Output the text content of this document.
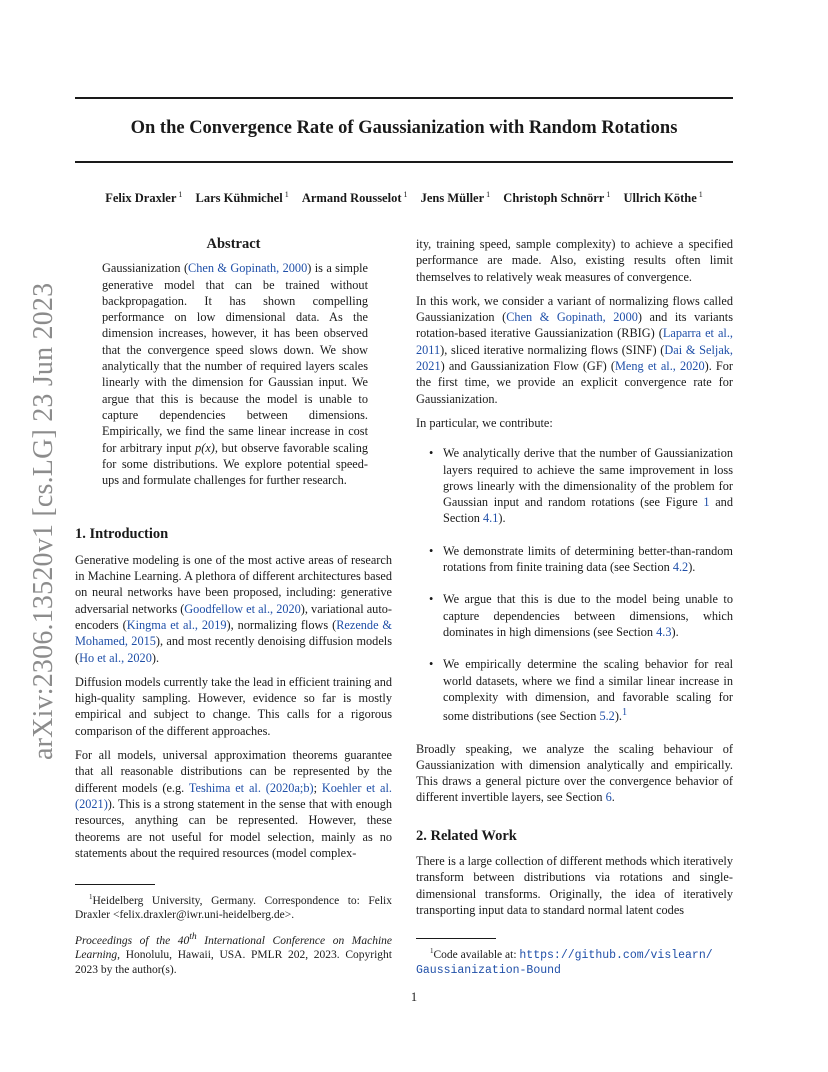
On the Convergence Rate of Gaussianization with Random Rotations
Felix Draxler $^1$ Lars Kühmichel $^1$ Armand Rousselot $^1$ Jens Müller $^1$ Christoph Schnörr $^1$ Ullrich Köthe $^1$
arXiv:2306.13520v1 [cs.LG] 23 Jun 2023
Abstract
Gaussianization (Chen & Gopinath, 2000) is a simple generative model that can be trained without backpropagation. It has shown compelling performance on low dimensional data. As the dimension increases, however, it has been observed that the convergence speed slows down. We show analytically that the number of required layers scales linearly with the dimension for Gaussian input. We argue that this is because the model is unable to capture dependencies between dimensions. Empirically, we find the same linear increase in cost for arbitrary input p(x), but observe favorable scaling for some distributions. We explore potential speed-ups and formulate challenges for further research.
1. Introduction

Generative modeling is one of the most active areas of research in Machine Learning. A plethora of different architectures based on neural networks have been proposed, including: generative adversarial networks (Goodfellow et al., 2020), variational auto-encoders (Kingma et al., 2019), normalizing flows (Rezende & Mohamed, 2015), and most recently denoising diffusion models (Ho et al., 2020).

Diffusion models currently take the lead in efficient training and high-quality sampling. However, evidence so far is mostly empirical and subject to change. This calls for a rigorous comparison of the different approaches.

For all models, universal approximation theorems guarantee that all reasonable distributions can be represented by the different models (e.g. Teshima et al. (2020a;b); Koehler et al. (2021)). This is a strong statement in the sense that with enough resources, anything can be represented. However, these theorems are not useful for model selection, mainly as no statements about the required resources (model complex-

$^1$Heidelberg University, Germany. Correspondence to: Felix Draxler <felix.draxler@iwr.uni-heidelberg.de>.
Proceedings of the 40th International Conference on Machine Learning, Honolulu, Hawaii, USA. PMLR 202, 2023. Copyright 2023 by the author(s).

ity, training speed, sample complexity) to achieve a specified performance are made. Also, existing results often limit themselves to relatively weak measures of convergence.

In this work, we consider a variant of normalizing flows called Gaussianization (Chen & Gopinath, 2000) and its variants rotation-based iterative Gaussianization (RBIG) (Laparra et al., 2011), sliced iterative normalizing flows (SINF) (Dai & Seljak, 2021) and Gaussianization Flow (GF) (Meng et al., 2020). For the first time, we provide an explicit convergence rate for Gaussianization.

In particular, we contribute:

• We analytically derive that the number of Gaussianization layers required to achieve the same improvement in loss grows linearly with the dimensionality of the problem for Gaussian input and random rotations (see Figure 1 and Section 4.1).
• We demonstrate limits of determining better-than-random rotations from finite training data (see Section 4.2).
• We argue that this is due to the model being unable to capture dependencies between dimensions, which dominates in high dimensions (see Section 4.3).
• We empirically determine the scaling behavior for real world datasets, where we find a similar linear increase in complexity with dimension, and favorable scaling for some distributions (see Section 5.2).$^1$

Broadly speaking, we analyze the scaling behaviour of Gaussianization with dimension analytically and empirically. This draws a general picture over the convergence behavior of different invertible layers, see Section 6.

2. Related Work

There is a large collection of different methods which iteratively transform between distributions via rotations and single-dimensional transforms. Originally, the idea of iteratively transporting input data to standard normal latent codes

$^1$Code available at: https://github.com/vislearn/
Gaussianization-Bound
1
